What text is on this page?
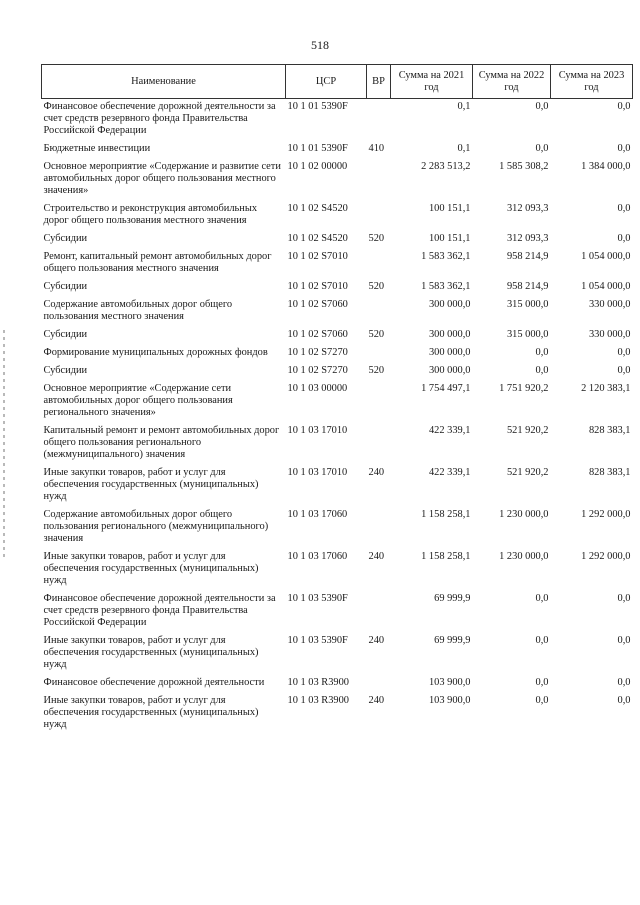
518
Наименование	ЦСР	ВР	Сумма на 2021 год	Сумма на 2022 год	Сумма на 2023 год
Финансовое обеспечение дорожной деятельности за счет средств резервного фонда Правительства Российской Федерации	10 1 01 5390F		0,1	0,0	0,0
Бюджетные инвестиции	10 1 01 5390F	410	0,1	0,0	0,0
Основное мероприятие «Содержание и развитие сети автомобильных дорог общего пользования местного значения»	10 1 02 00000		2 283 513,2	1 585 308,2	1 384 000,0
Строительство и реконструкция автомобильных дорог общего пользования местного значения	10 1 02 S4520		100 151,1	312 093,3	0,0
Субсидии	10 1 02 S4520	520	100 151,1	312 093,3	0,0
Ремонт, капитальный ремонт автомобильных дорог общего пользования местного значения	10 1 02 S7010		1 583 362,1	958 214,9	1 054 000,0
Субсидии	10 1 02 S7010	520	1 583 362,1	958 214,9	1 054 000,0
Содержание автомобильных дорог общего пользования местного значения	10 1 02 S7060		300 000,0	315 000,0	330 000,0
Субсидии	10 1 02 S7060	520	300 000,0	315 000,0	330 000,0
Формирование муниципальных дорожных фондов	10 1 02 S7270		300 000,0	0,0	0,0
Субсидии	10 1 02 S7270	520	300 000,0	0,0	0,0
Основное мероприятие «Содержание сети автомобильных дорог общего пользования регионального значения»	10 1 03 00000		1 754 497,1	1 751 920,2	2 120 383,1
Капитальный ремонт и ремонт автомобильных дорог общего пользования регионального (межмуниципального) значения	10 1 03 17010		422 339,1	521 920,2	828 383,1
Иные закупки товаров, работ и услуг для обеспечения государственных (муниципальных) нужд	10 1 03 17010	240	422 339,1	521 920,2	828 383,1
Содержание автомобильных дорог общего пользования регионального (межмуниципального) значения	10 1 03 17060		1 158 258,1	1 230 000,0	1 292 000,0
Иные закупки товаров, работ и услуг для обеспечения государственных (муниципальных) нужд	10 1 03 17060	240	1 158 258,1	1 230 000,0	1 292 000,0
Финансовое обеспечение дорожной деятельности за счет средств резервного фонда Правительства Российской Федерации	10 1 03 5390F		69 999,9	0,0	0,0
Иные закупки товаров, работ и услуг для обеспечения государственных (муниципальных) нужд	10 1 03 5390F	240	69 999,9	0,0	0,0
Финансовое обеспечение дорожной деятельности	10 1 03 R3900		103 900,0	0,0	0,0
Иные закупки товаров, работ и услуг для обеспечения государственных (муниципальных) нужд	10 1 03 R3900	240	103 900,0	0,0	0,0
